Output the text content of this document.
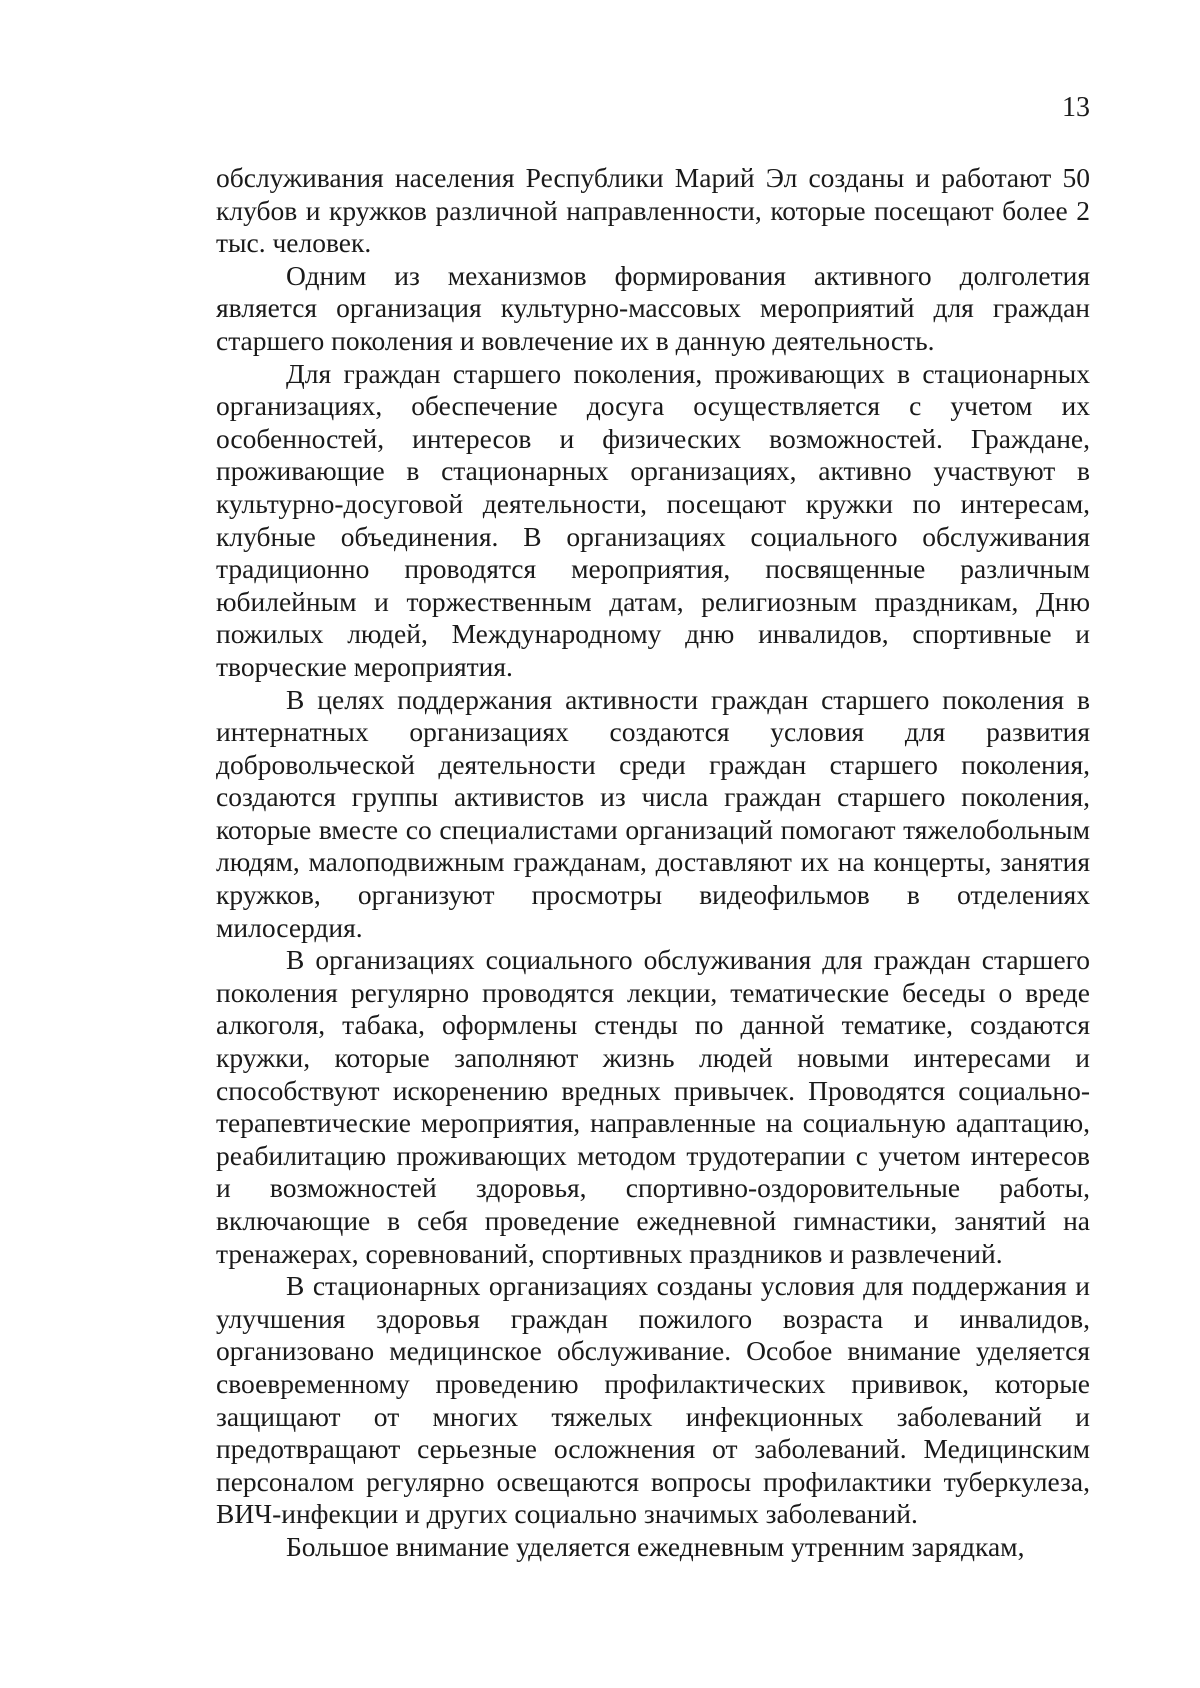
13

обслуживания населения Республики Марий Эл созданы и работают 50 клубов и кружков различной направленности, которые посещают более 2 тыс. человек.

Одним из механизмов формирования активного долголетия является организация культурно-массовых мероприятий для граждан старшего поколения и вовлечение их в данную деятельность.

Для граждан старшего поколения, проживающих в стационарных организациях, обеспечение досуга осуществляется с учетом их особенностей, интересов и физических возможностей. Граждане, проживающие в стационарных организациях, активно участвуют в культурно-досуговой деятельности, посещают кружки по интересам, клубные объединения. В организациях социального обслуживания традиционно проводятся мероприятия, посвященные различным юбилейным и торжественным датам, религиозным праздникам, Дню пожилых людей, Международному дню инвалидов, спортивные и творческие мероприятия.

В целях поддержания активности граждан старшего поколения в интернатных организациях создаются условия для развития добровольческой деятельности среди граждан старшего поколения, создаются группы активистов из числа граждан старшего поколения, которые вместе со специалистами организаций помогают тяжелобольным людям, малоподвижным гражданам, доставляют их на концерты, занятия кружков, организуют просмотры видеофильмов в отделениях милосердия.

В организациях социального обслуживания для граждан старшего поколения регулярно проводятся лекции, тематические беседы о вреде алкоголя, табака, оформлены стенды по данной тематике, создаются кружки, которые заполняют жизнь людей новыми интересами и способствуют искоренению вредных привычек. Проводятся социально-терапевтические мероприятия, направленные на социальную адаптацию, реабилитацию проживающих методом трудотерапии с учетом интересов и возможностей здоровья, спортивно-оздоровительные работы, включающие в себя проведение ежедневной гимнастики, занятий на тренажерах, соревнований, спортивных праздников и развлечений.

В стационарных организациях созданы условия для поддержания и улучшения здоровья граждан пожилого возраста и инвалидов, организовано медицинское обслуживание. Особое внимание уделяется своевременному проведению профилактических прививок, которые защищают от многих тяжелых инфекционных заболеваний и предотвращают серьезные осложнения от заболеваний. Медицинским персоналом регулярно освещаются вопросы профилактики туберкулеза, ВИЧ-инфекции и других социально значимых заболеваний.

Большое внимание уделяется ежедневным утренним зарядкам,
